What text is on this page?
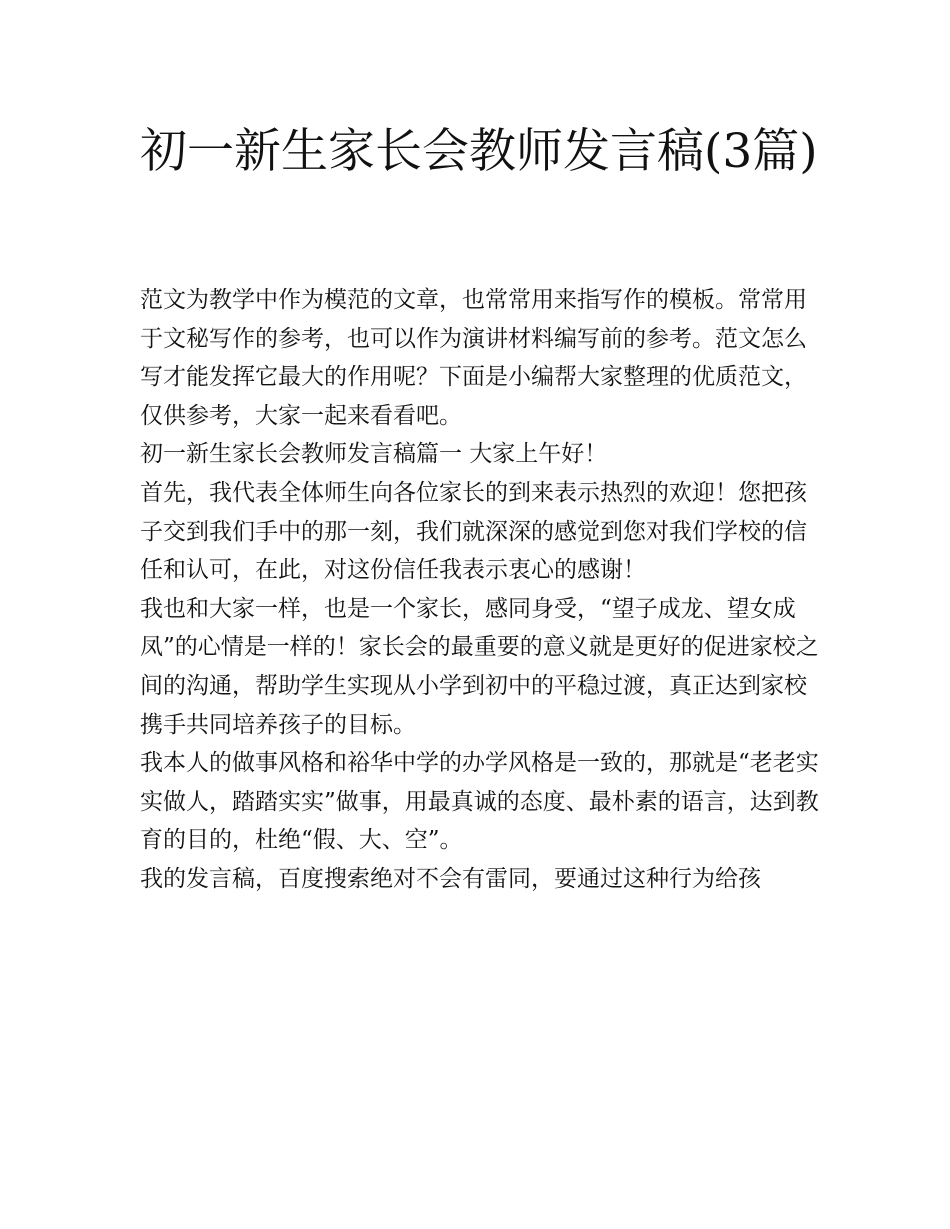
初一新生家长会教师发言稿(3篇)

范文为教学中作为模范的文章，也常常用来指写作的模板。常常用于文秘写作的参考，也可以作为演讲材料编写前的参考。范文怎么写才能发挥它最大的作用呢？下面是小编帮大家整理的优质范文，仅供参考，大家一起来看看吧。

初一新生家长会教师发言稿篇一 大家上午好！

首先，我代表全体师生向各位家长的到来表示热烈的欢迎！您把孩子交到我们手中的那一刻，我们就深深的感觉到您对我们学校的信任和认可，在此，对这份信任我表示衷心的感谢！

我也和大家一样，也是一个家长，感同身受，“望子成龙、望女成凤”的心情是一样的！家长会的最重要的意义就是更好的促进家校之间的沟通，帮助学生实现从小学到初中的平稳过渡，真正达到家校携手共同培养孩子的目标。

我本人的做事风格和裕华中学的办学风格是一致的，那就是“老老实实做人，踏踏实实”做事，用最真诚的态度、最朴素的语言，达到教育的目的，杜绝“假、大、空”。

我的发言稿，百度搜索绝对不会有雷同，要通过这种行为给孩
